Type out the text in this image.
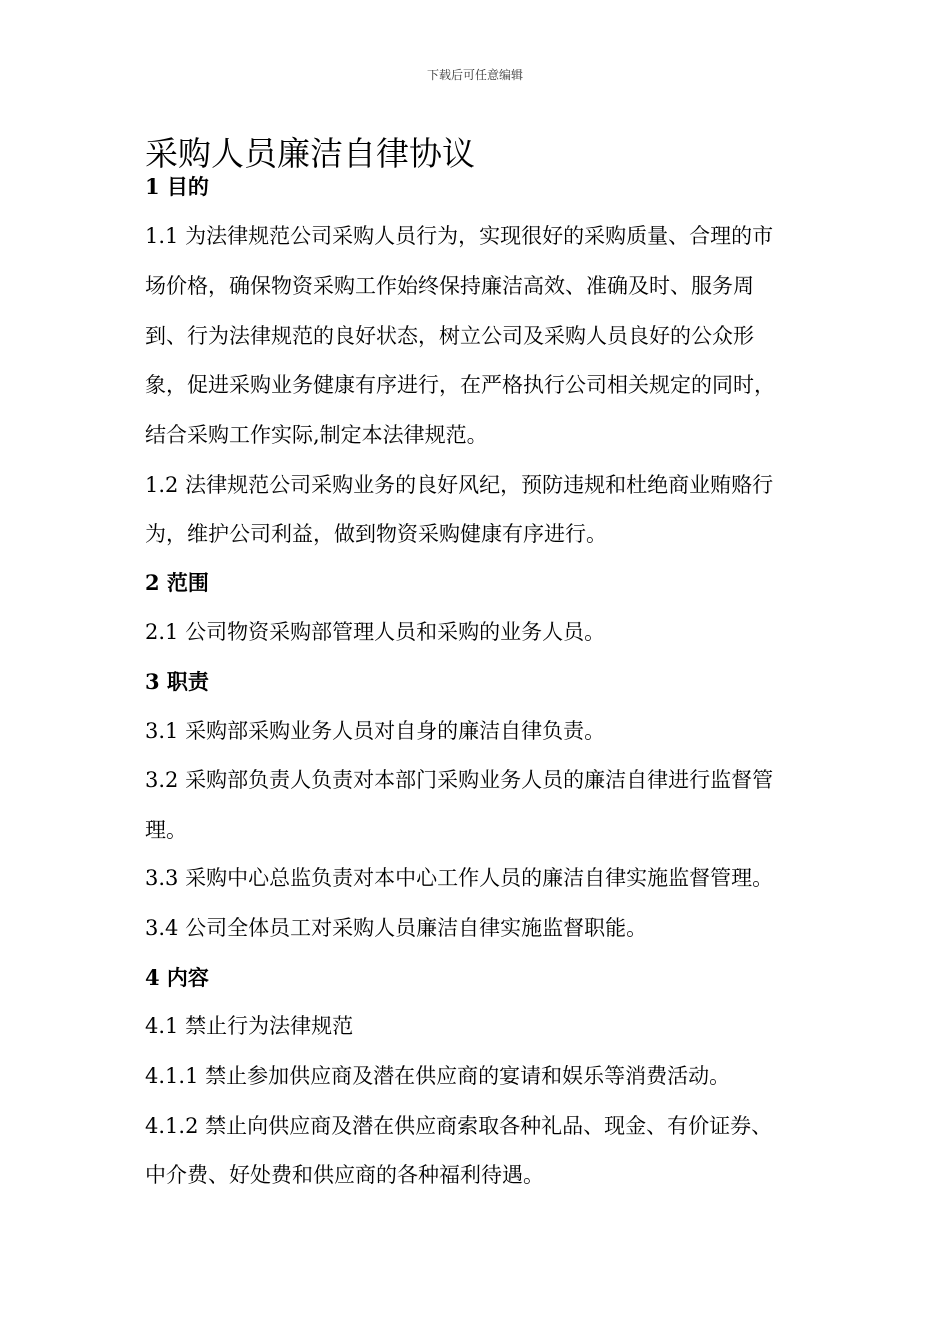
下载后可任意编辑
采购人员廉洁自律协议

1 目的

1.1 为法律规范公司采购人员行为，实现很好的采购质量、合理的市

场价格，确保物资采购工作始终保持廉洁高效、准确及时、服务周

到、行为法律规范的良好状态，树立公司及采购人员良好的公众形

象，促进采购业务健康有序进行，在严格执行公司相关规定的同时，

结合采购工作实际,制定本法律规范。

1.2 法律规范公司采购业务的良好风纪，预防违规和杜绝商业贿赂行

为，维护公司利益，做到物资采购健康有序进行。

2 范围

2.1 公司物资采购部管理人员和采购的业务人员。

3 职责

3.1 采购部采购业务人员对自身的廉洁自律负责。

3.2 采购部负责人负责对本部门采购业务人员的廉洁自律进行监督管

理。

3.3 采购中心总监负责对本中心工作人员的廉洁自律实施监督管理。

3.4 公司全体员工对采购人员廉洁自律实施监督职能。

4 内容

4.1 禁止行为法律规范

4.1.1 禁止参加供应商及潜在供应商的宴请和娱乐等消费活动。

4.1.2 禁止向供应商及潜在供应商索取各种礼品、现金、有价证券、

中介费、好处费和供应商的各种福利待遇。
